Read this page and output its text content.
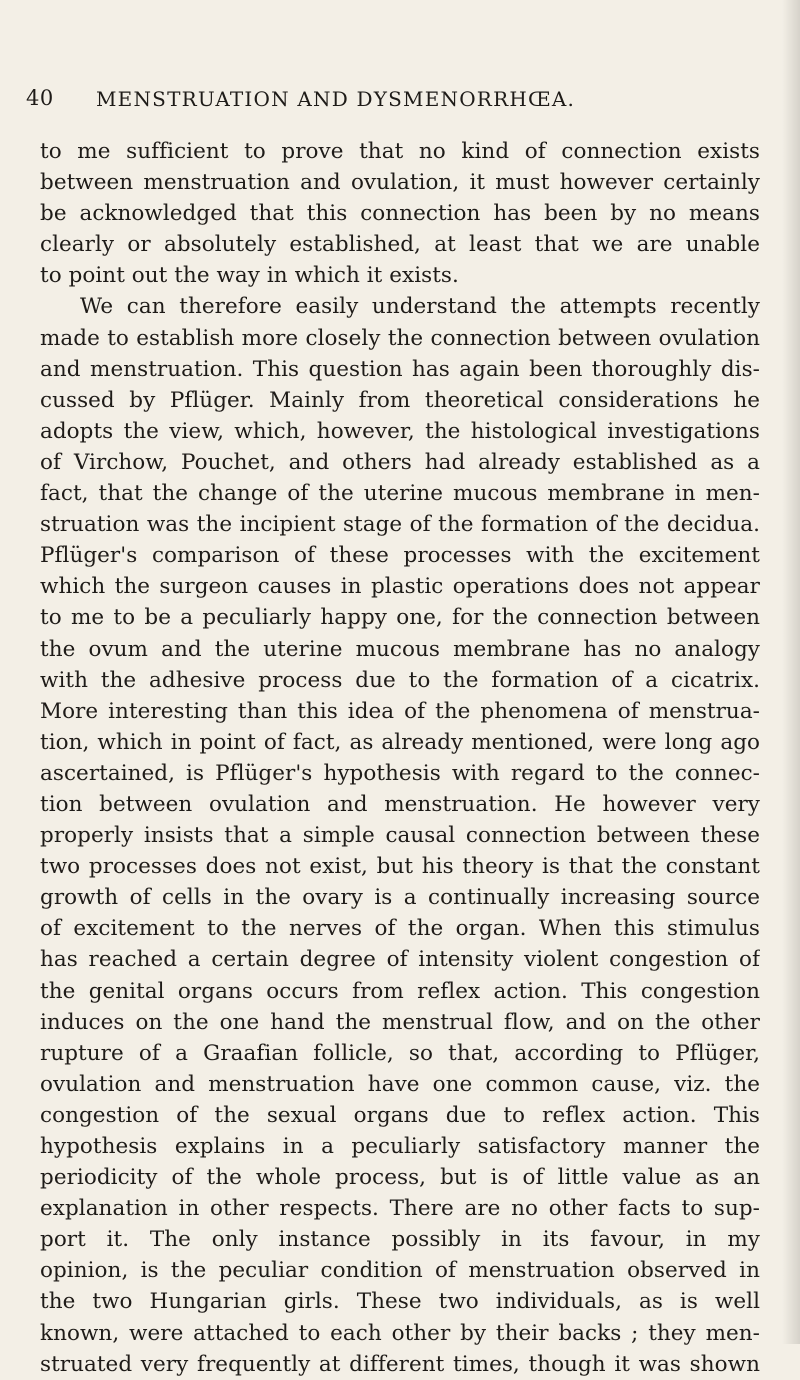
40 MENSTRUATION AND DYSMENORRHŒA.
to me sufficient to prove that no kind of connection exists
between menstruation and ovulation, it must however certainly
be acknowledged that this connection has been by no means
clearly or absolutely established, at least that we are unable
to point out the way in which it exists.
We can therefore easily understand the attempts recently
made to establish more closely the connection between ovulation
and menstruation. This question has again been thoroughly dis-
cussed by Pflüger. Mainly from theoretical considerations he
adopts the view, which, however, the histological investigations
of Virchow, Pouchet, and others had already established as a
fact, that the change of the uterine mucous membrane in men-
struation was the incipient stage of the formation of the decidua.
Pflüger's comparison of these processes with the excitement
which the surgeon causes in plastic operations does not appear
to me to be a peculiarly happy one, for the connection between
the ovum and the uterine mucous membrane has no analogy
with the adhesive process due to the formation of a cicatrix.
More interesting than this idea of the phenomena of menstrua-
tion, which in point of fact, as already mentioned, were long ago
ascertained, is Pflüger's hypothesis with regard to the connec-
tion between ovulation and menstruation. He however very
properly insists that a simple causal connection between these
two processes does not exist, but his theory is that the constant
growth of cells in the ovary is a continually increasing source
of excitement to the nerves of the organ. When this stimulus
has reached a certain degree of intensity violent congestion of
the genital organs occurs from reflex action. This congestion
induces on the one hand the menstrual flow, and on the other
rupture of a Graafian follicle, so that, according to Pflüger,
ovulation and menstruation have one common cause, viz. the
congestion of the sexual organs due to reflex action. This
hypothesis explains in a peculiarly satisfactory manner the
periodicity of the whole process, but is of little value as an
explanation in other respects. There are no other facts to sup-
port it. The only instance possibly in its favour, in my
opinion, is the peculiar condition of menstruation observed in
the two Hungarian girls. These two individuals, as is well
known, were attached to each other by their backs ; they men-
struated very frequently at different times, though it was shown
